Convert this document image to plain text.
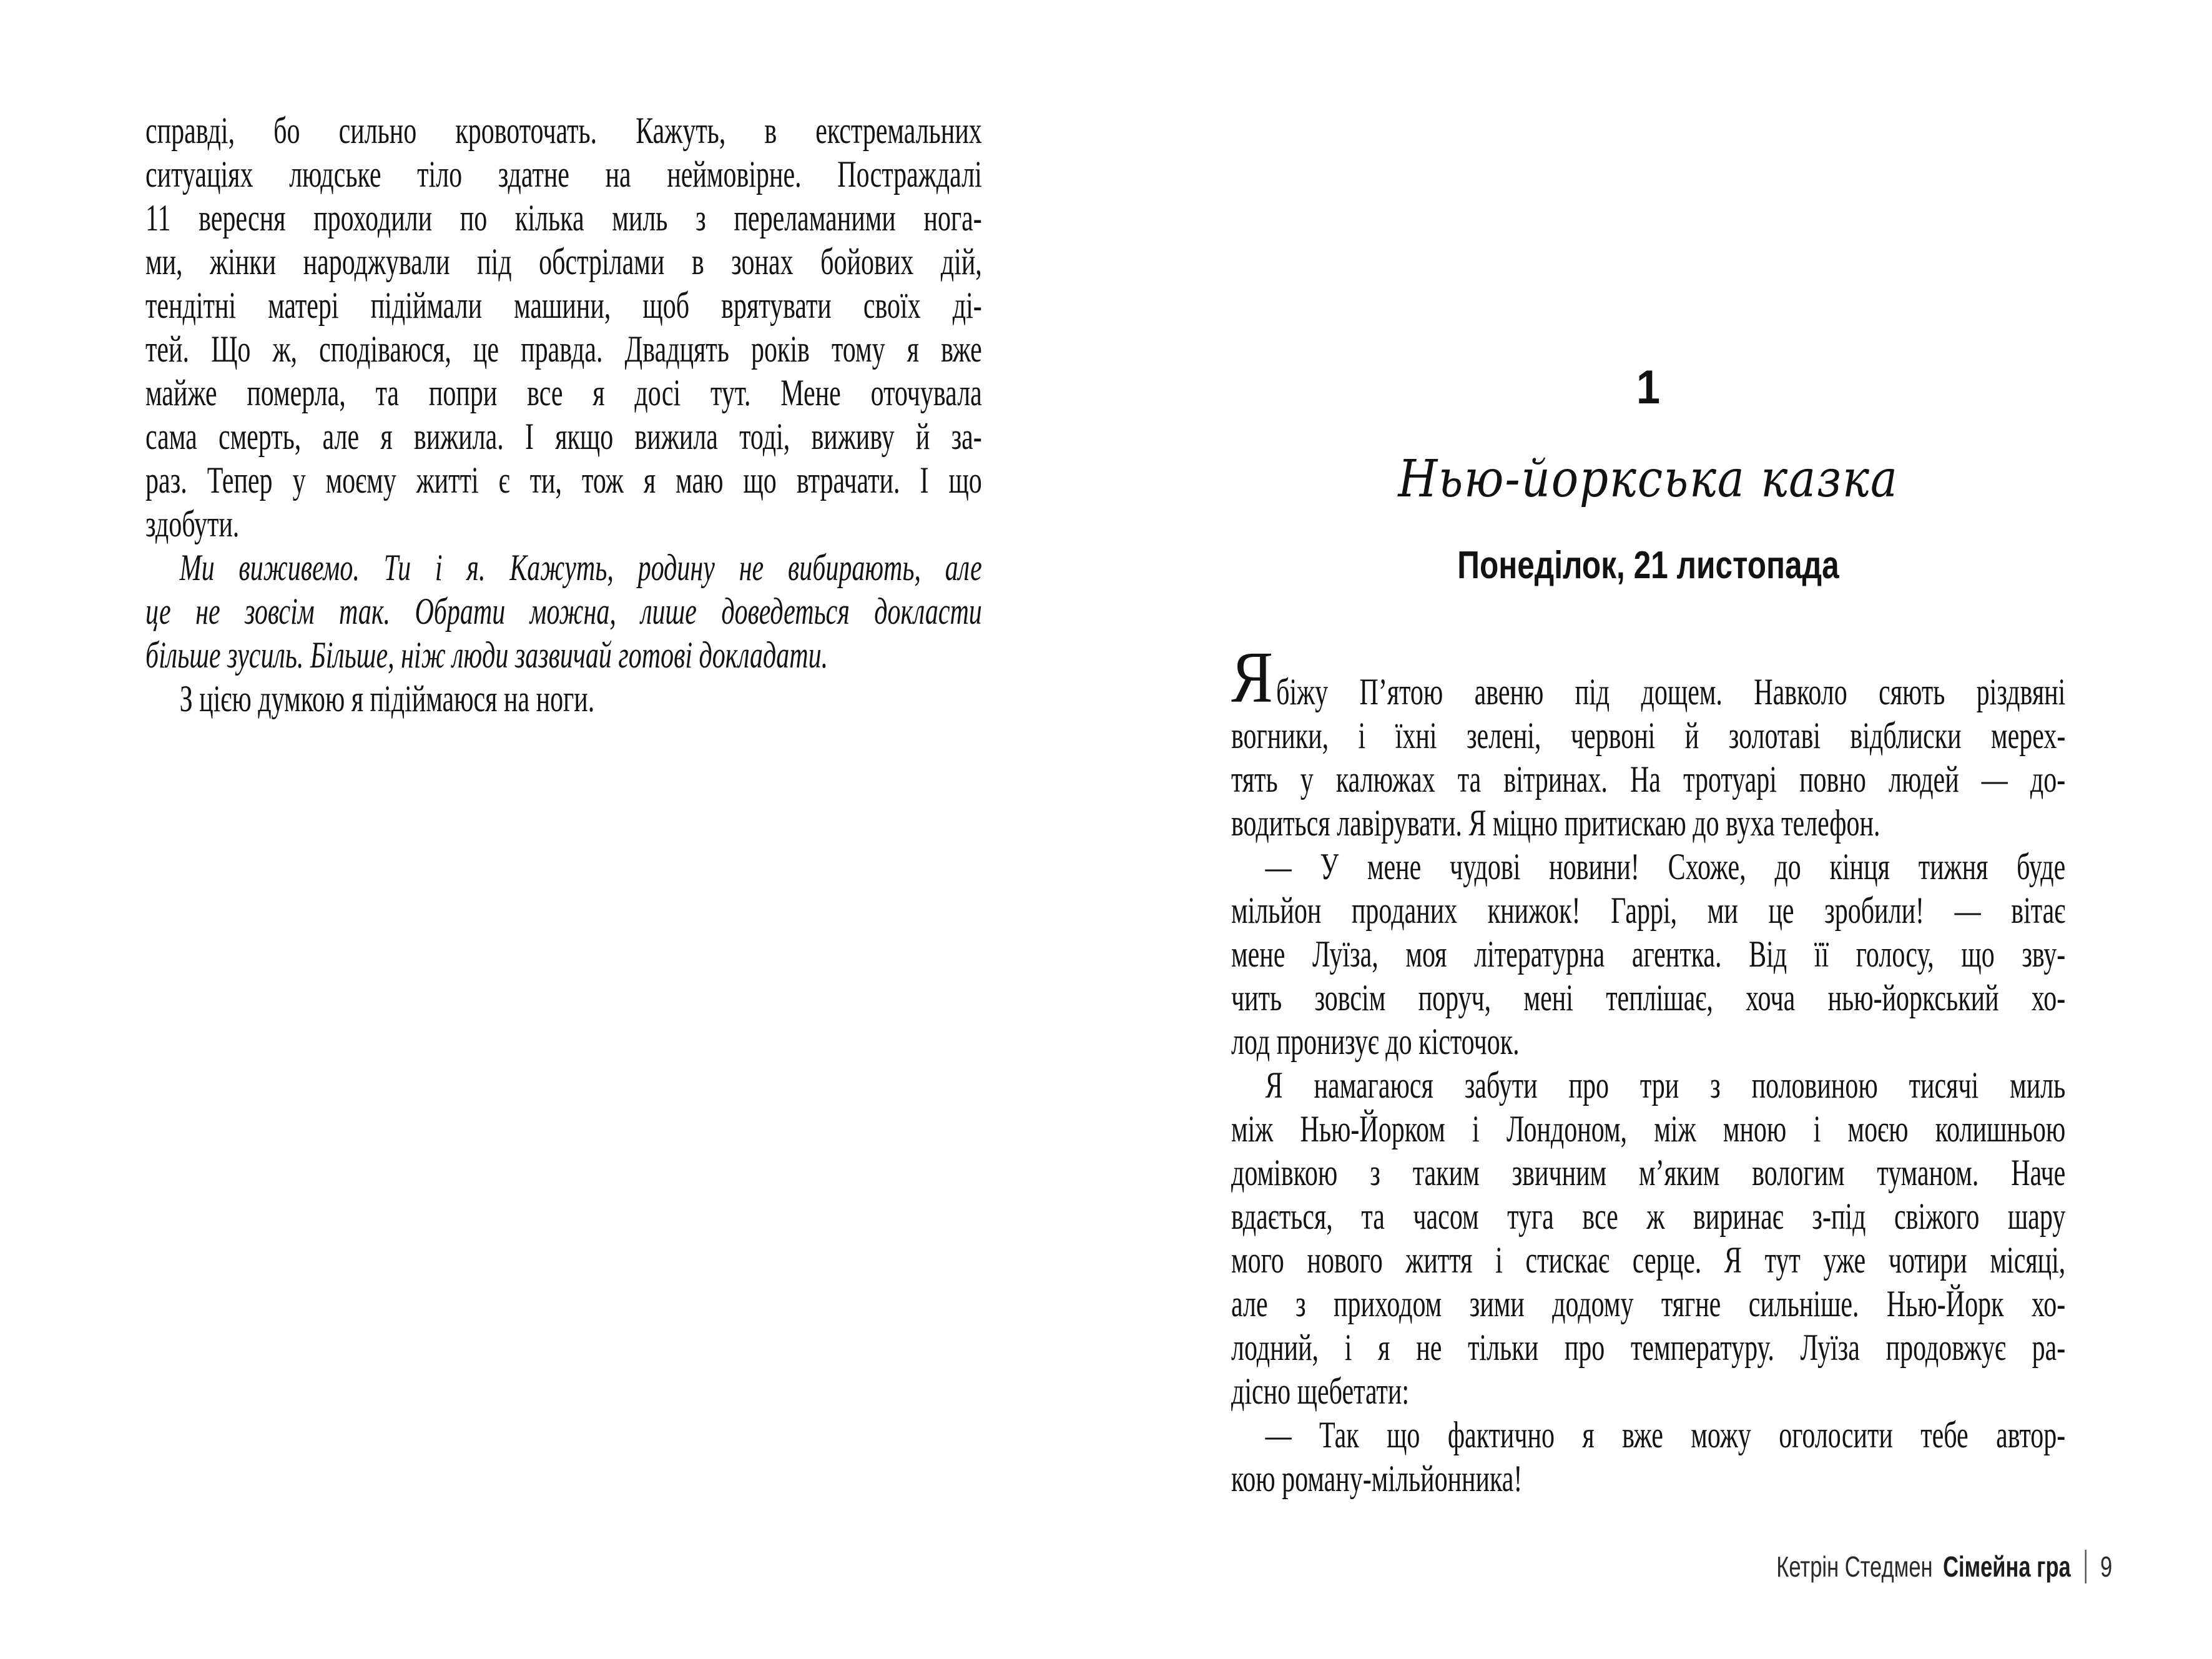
справді, бо сильно кровоточать. Кажуть, в екстремальних
ситуаціях людське тіло здатне на неймовірне. Постраждалі
11 вересня проходили по кілька миль з переламаними нога-
ми, жінки народжували під обстрілами в зонах бойових дій,
тендітні матері підіймали машини, щоб врятувати своїх ді-
тей. Що ж, сподіваюся, це правда. Двадцять років тому я вже
майже померла, та попри все я досі тут. Мене оточувала
сама смерть, але я вижила. І якщо вижила тоді, виживу й за-
раз. Тепер у моєму житті є ти, тож я маю що втрачати. І що
здобути.
Ми виживемо. Ти і я. Кажуть, родину не вибирають, але
це не зовсім так. Обрати можна, лише доведеться докласти
більше зусиль. Більше, ніж люди зазвичай готові докладати.
З цією думкою я підіймаюся на ноги.
1
Нью-йоркська казка
Понеділок, 21 листопада
Я біжу П’ятою авеню під дощем. Навколо сяють різдвяні
вогники, і їхні зелені, червоні й золотаві відблиски мерех-
тять у калюжах та вітринах. На тротуарі повно людей — до-
водиться лавірувати. Я міцно притискаю до вуха телефон.
— У мене чудові новини! Схоже, до кінця тижня буде
мільйон проданих книжок! Гаррі, ми це зробили! — вітає
мене Луїза, моя літературна агентка. Від її голосу, що зву-
чить зовсім поруч, мені теплішає, хоча нью-йоркський хо-
лод пронизує до кісточок.
Я намагаюся забути про три з половиною тисячі миль
між Нью-Йорком і Лондоном, між мною і моєю колишньою
домівкою з таким звичним м’яким вологим туманом. Наче
вдається, та часом туга все ж виринає з-під свіжого шару
мого нового життя і стискає серце. Я тут уже чотири місяці,
але з приходом зими додому тягне сильніше. Нью-Йорк хо-
лодний, і я не тільки про температуру. Луїза продовжує ра-
дісно щебетати:
— Так що фактично я вже можу оголосити тебе автор-
кою роману-мільйонника!
Кетрін Стедмен Сімейна гра 9
